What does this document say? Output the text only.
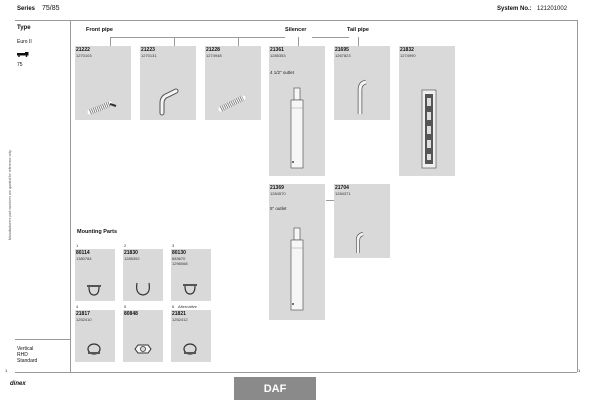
Manufacturers part numbers are quoted for reference only
Series 75/85	System No.: 121201002
Type
Euro II
75
Front pipe	Silencer	Tail pipe
21222
1270103
21223
1270131
21228
1274948
21361
1285353
4 1/2" outlet
21695
1267823
21832
1274990
21369
1284570
5" outlet
21704
1284371
Mounting Parts
1
80114
1380784
2
21830
1285392
3
80130
683670
1296068
4
21817
1252410
5
80848
6 Alternative
21821
1252412
Vertical
RHD
Standard
1	1
dinex	DAF
